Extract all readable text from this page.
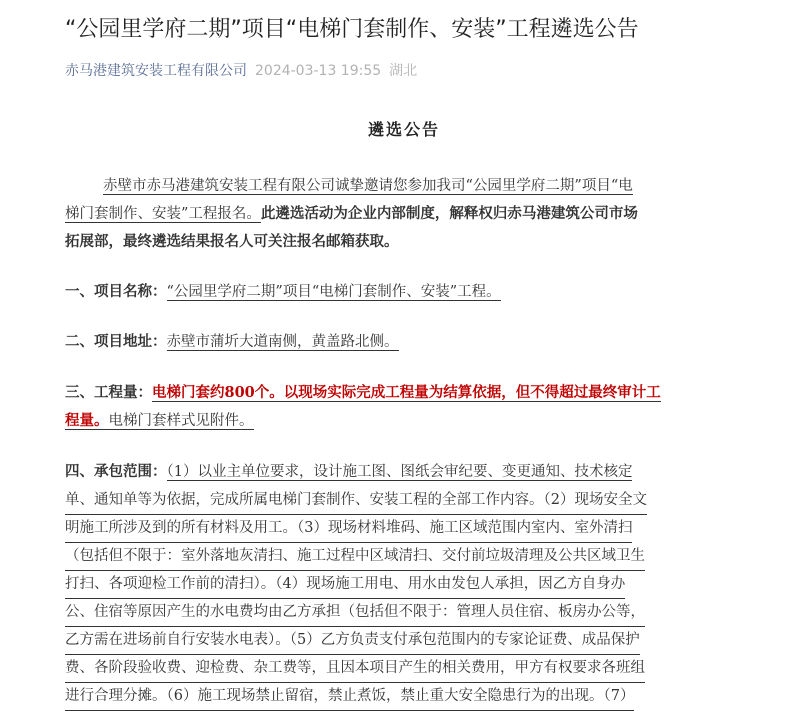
“公园里学府二期”项目“电梯门套制作、安装”工程遴选公告
赤马港建筑安装工程有限公司 2024-03-13 19:55 湖北
遴选公告
赤壁市赤马港建筑安装工程有限公司诚挚邀请您参加我司“公园里学府二期”项目“电
梯门套制作、安装”工程报名。此遴选活动为企业内部制度，解释权归赤马港建筑公司市场
拓展部，最终遴选结果报名人可关注报名邮箱获取。
一、项目名称：“公园里学府二期”项目“电梯门套制作、安装”工程。
二、项目地址：赤壁市蒲圻大道南侧，黄盖路北侧。
三、工程量：电梯门套约800个。以现场实际完成工程量为结算依据，但不得超过最终审计工
程量。电梯门套样式见附件。
四、承包范围：（1）以业主单位要求，设计施工图、图纸会审纪要、变更通知、技术核定
单、通知单等为依据，完成所属电梯门套制作、安装工程的全部工作内容。（2）现场安全文
明施工所涉及到的所有材料及用工。（3）现场材料堆码、施工区域范围内室内、室外清扫
（包括但不限于：室外落地灰清扫、施工过程中区域清扫、交付前垃圾清理及公共区域卫生
打扫、各项迎检工作前的清扫）。（4）现场施工用电、用水由发包人承担，因乙方自身办
公、住宿等原因产生的水电费均由乙方承担（包括但不限于：管理人员住宿、板房办公等，
乙方需在进场前自行安装水电表）。（5）乙方负责支付承包范围内的专家论证费、成品保护
费、各阶段验收费、迎检费、杂工费等，且因本项目产生的相关费用，甲方有权要求各班组
进行合理分摊。（6）施工现场禁止留宿，禁止煮饭，禁止重大安全隐患行为的出现。（7）
